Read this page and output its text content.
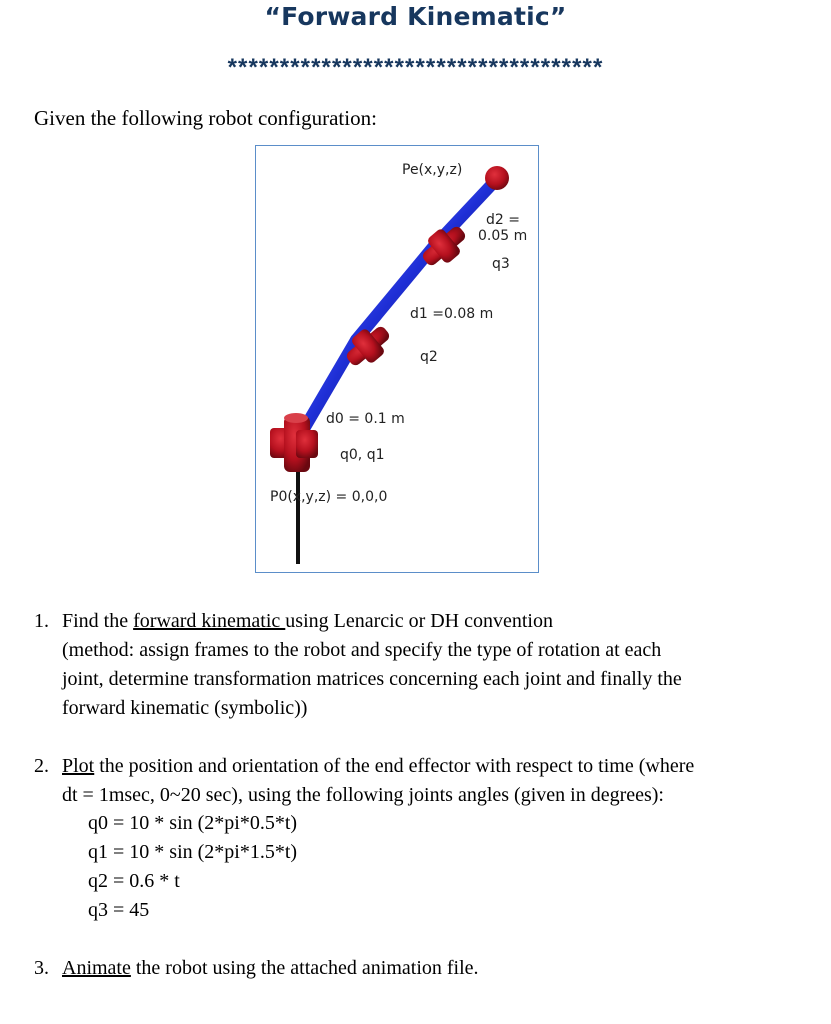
“Forward Kinematic”
************************************
Given the following robot configuration:
Pe(x,y,z)
d2 =
0.05 m
q3
d1 =0.08 m
q2
d0 = 0.1 m
q0, q1
P0(x,y,z) = 0,0,0
1. Find the forward kinematic using Lenarcic or DH convention
(method: assign frames to the robot and specify the type of rotation at each
joint, determine transformation matrices concerning each joint and finally the
forward kinematic (symbolic))
2. Plot the position and orientation of the end effector with respect to time (where
dt = 1msec, 0~20 sec), using the following joints angles (given in degrees):
q0 = 10 * sin (2*pi*0.5*t)
q1 = 10 * sin (2*pi*1.5*t)
q2 = 0.6 * t
q3 = 45
3. Animate the robot using the attached animation file.
